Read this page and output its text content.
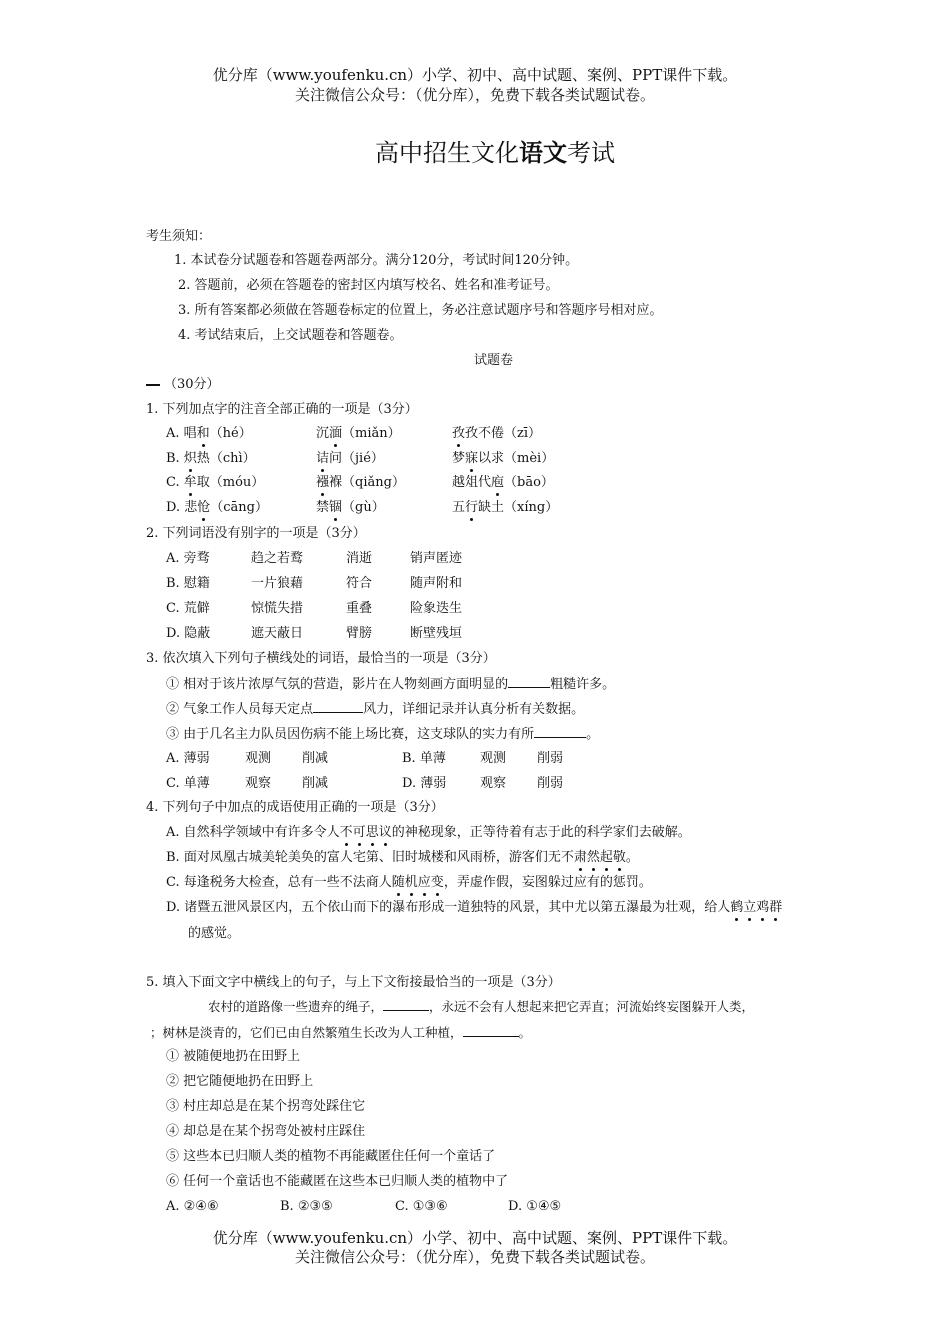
优分库（www.youfenku.cn）小学、初中、高中试题、案例、PPT课件下载。
关注微信公众号：（优分库），免费下载各类试题试卷。
高中招生文化语文考试
考生须知：
1. 本试卷分试题卷和答题卷两部分。满分120分，考试时间120分钟。
2. 答题前，必须在答题卷的密封区内填写校名、姓名和准考证号。
3. 所有答案都必须做在答题卷标定的位置上，务必注意试题序号和答题序号相对应。
4. 考试结束后，上交试题卷和答题卷。
试题卷
（30分）
1. 下列加点字的注音全部正确的一项是（3分）
A. 唱和（hé）	沉湎（miǎn）	孜孜不倦（zī）
B. 炽热（chì）	诘问（jié）	梦寐以求（mèi）
C. 牟取（móu）	襁褓（qiǎng）	越俎代庖（bāo）
D. 悲怆（cāng）	禁锢（gù）	五行缺土（xíng）
2. 下列词语没有别字的一项是（3分）
A. 旁骛	趋之若鹜	消逝	销声匿迹
B. 慰籍	一片狼藉	符合	随声附和
C. 荒僻	惊慌失措	重叠	险象迭生
D. 隐蔽	遮天蔽日	臂膀	断壁残垣
3. 依次填入下列句子横线处的词语，最恰当的一项是（3分）
① 相对于该片浓厚气氛的营造，影片在人物刻画方面明显的	粗糙许多。
② 气象工作人员每天定点	风力，详细记录并认真分析有关数据。
③ 由于几名主力队员因伤病不能上场比赛，这支球队的实力有所	。
A. 薄弱	观测 削减	B. 单薄	观测 削弱
C. 单薄	观察 削减	D. 薄弱	观察 削弱
4. 下列句子中加点的成语使用正确的一项是（3分）
A. 自然科学领域中有许多令人不可思议的神秘现象，正等待着有志于此的科学家们去破解。
B. 面对凤凰古城美轮美奂的富人宅第、旧时城楼和风雨桥，游客们无不肃然起敬。
C. 每逢税务大检查，总有一些不法商人随机应变，弄虚作假，妄图躲过应有的惩罚。
D. 诸暨五泄风景区内，五个依山而下的瀑布形成一道独特的风景，其中尤以第五瀑最为壮观，给人鹤立鸡群
的感觉。
5. 填入下面文字中横线上的句子，与上下文衔接最恰当的一项是（3分）
农村的道路像一些遗弃的绳子，	，永远不会有人想起来把它弄直；河流始终妄图躲开人类，
；树林是淡青的，它们已由自然繁殖生长改为人工种植，	。
① 被随便地扔在田野上
② 把它随便地扔在田野上
③ 村庄却总是在某个拐弯处踩住它
④ 却总是在某个拐弯处被村庄踩住
⑤ 这些本已归顺人类的植物不再能藏匿住任何一个童话了
⑥ 任何一个童话也不能藏匿在这些本已归顺人类的植物中了
A. ②④⑥	B. ②③⑤	C. ①③⑥	D. ①④⑤
优分库（www.youfenku.cn）小学、初中、高中试题、案例、PPT课件下载。
关注微信公众号：（优分库），免费下载各类试题试卷。
